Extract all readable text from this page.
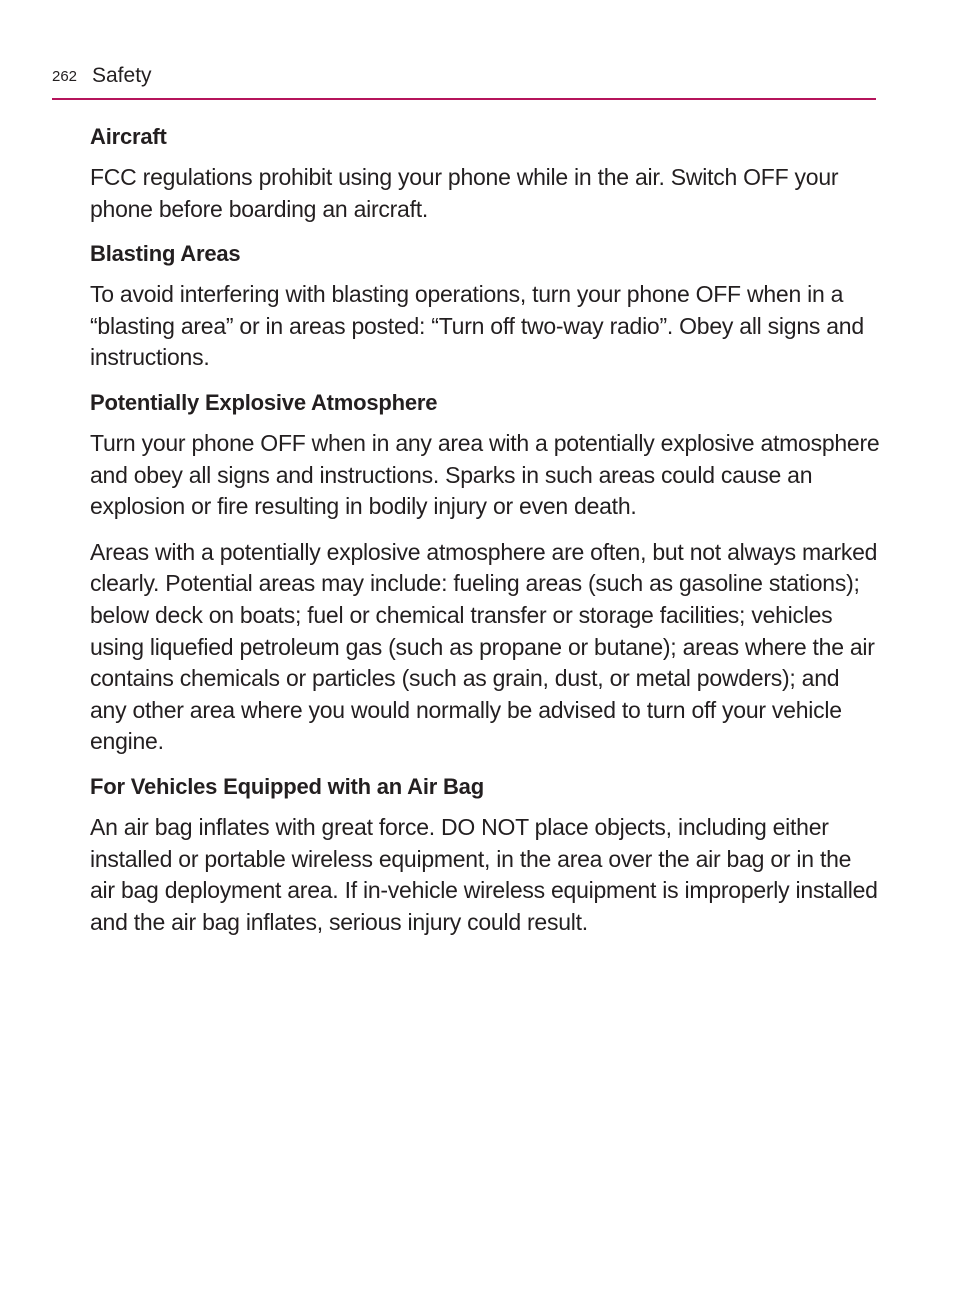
262 Safety
Aircraft

FCC regulations prohibit using your phone while in the air. Switch OFF your phone before boarding an aircraft.

Blasting Areas

To avoid interfering with blasting operations, turn your phone OFF when in a “blasting area” or in areas posted: “Turn off two-way radio”. Obey all signs and instructions.

Potentially Explosive Atmosphere

Turn your phone OFF when in any area with a potentially explosive atmosphere and obey all signs and instructions. Sparks in such areas could cause an explosion or fire resulting in bodily injury or even death.

Areas with a potentially explosive atmosphere are often, but not always marked clearly. Potential areas may include: fueling areas (such as gasoline stations); below deck on boats; fuel or chemical transfer or storage facilities; vehicles using liquefied petroleum gas (such as propane or butane); areas where the air contains chemicals or particles (such as grain, dust, or metal powders); and any other area where you would normally be advised to turn off your vehicle engine.

For Vehicles Equipped with an Air Bag

An air bag inflates with great force. DO NOT place objects, including either installed or portable wireless equipment, in the area over the air bag or in the air bag deployment area. If in-vehicle wireless equipment is improperly installed and the air bag inflates, serious injury could result.
